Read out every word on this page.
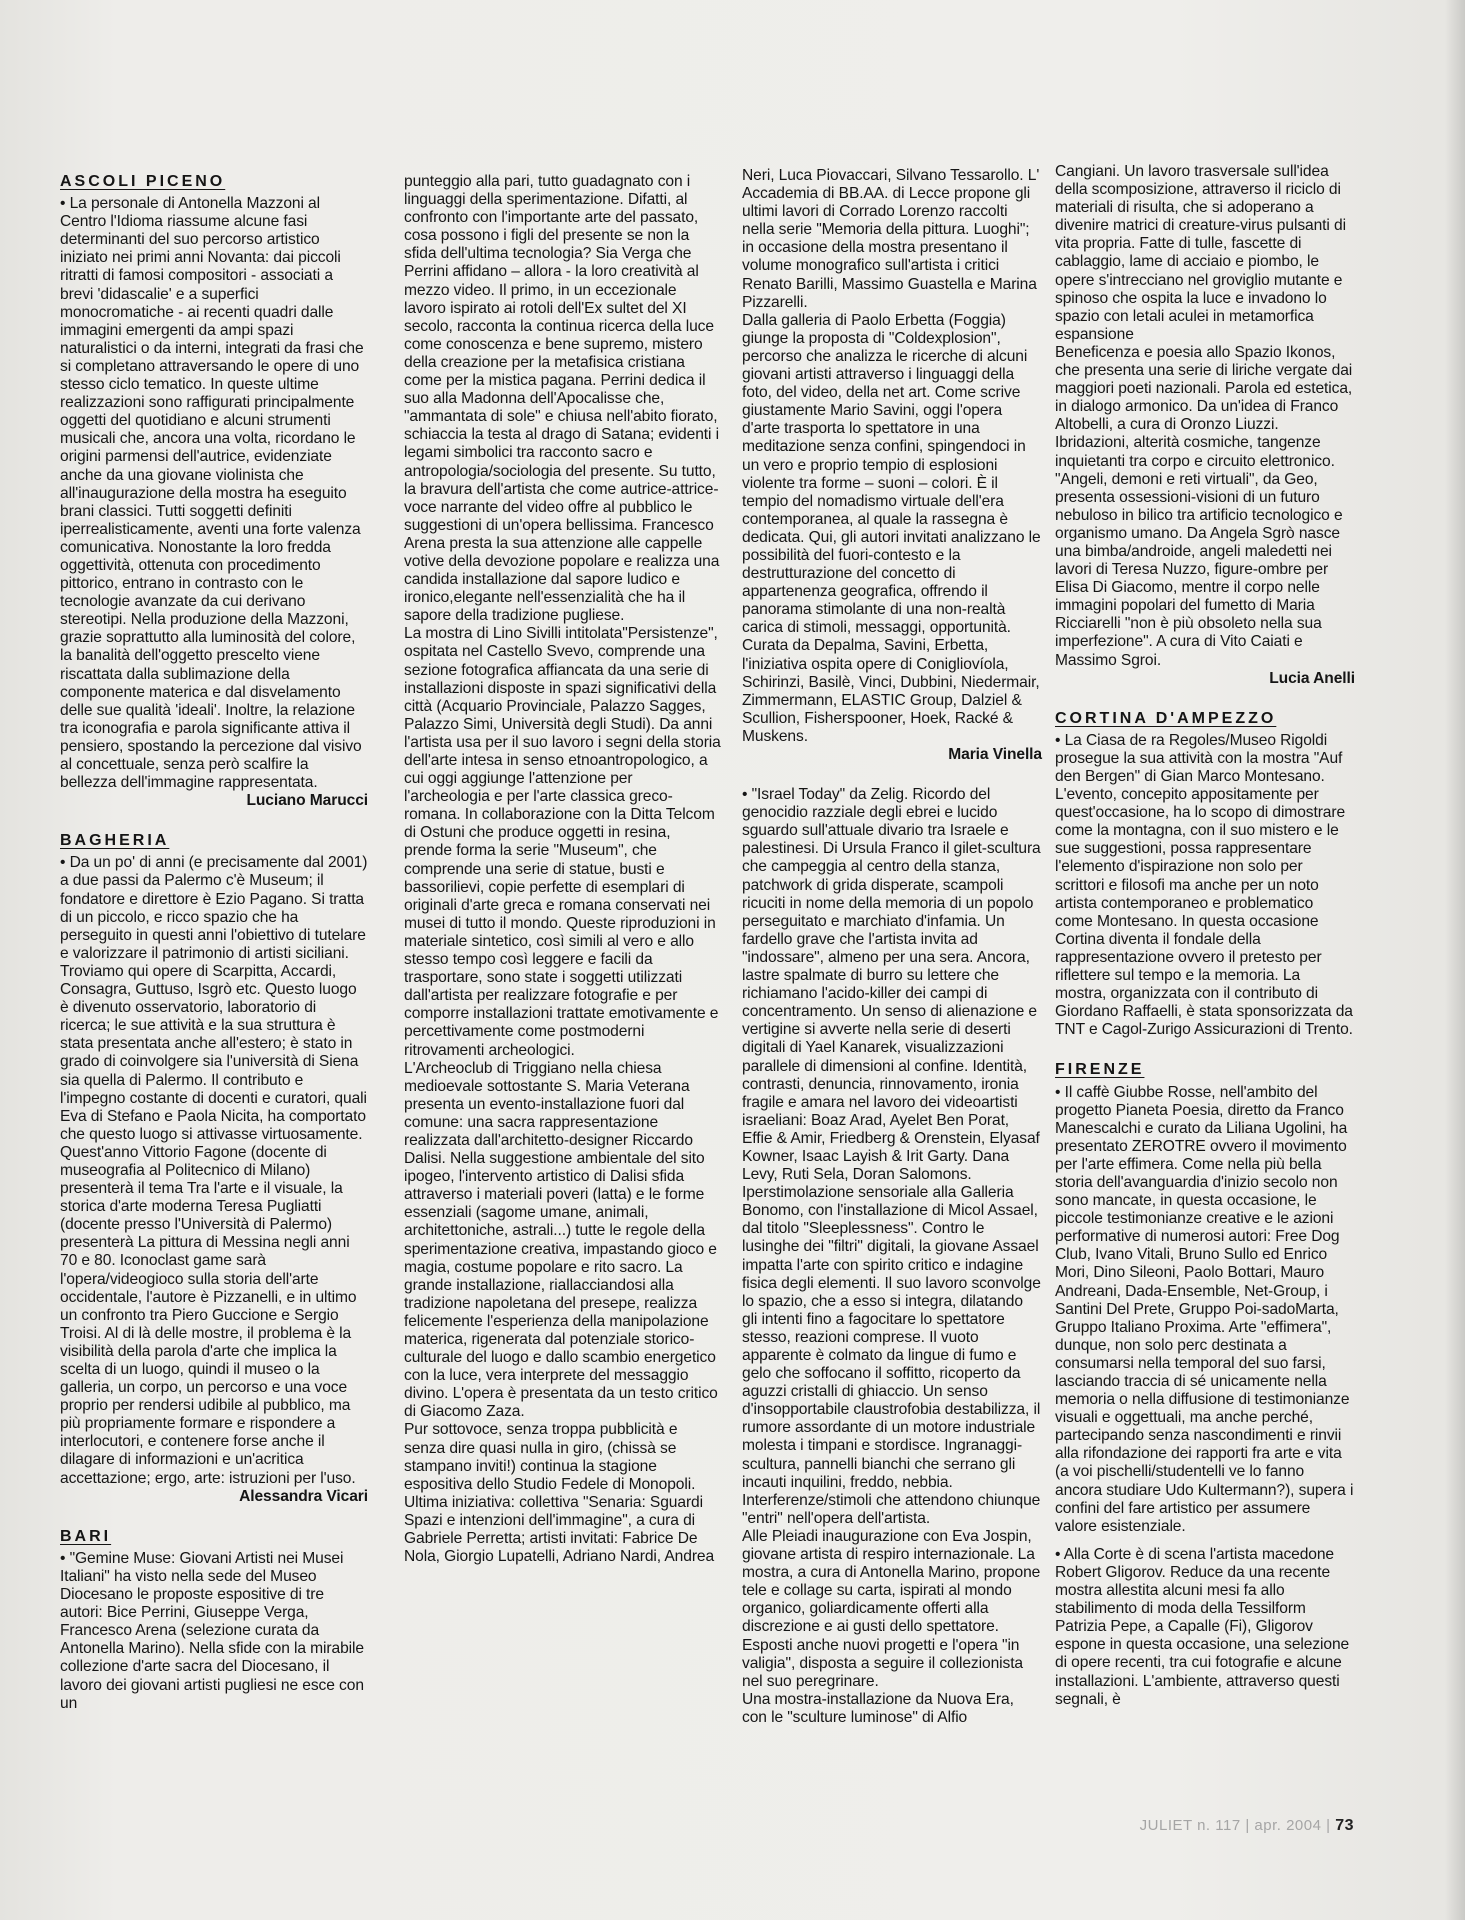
ASCOLI PICENO

• La personale di Antonella Mazzoni al Centro l'Idioma riassume alcune fasi determinanti del suo percorso artistico iniziato nei primi anni Novanta: dai piccoli ritratti di famosi compositori - associati a brevi 'didascalie' e a superfici monocromatiche - ai recenti quadri dalle immagini emergenti da ampi spazi naturalistici o da interni, integrati da frasi che si completano attraversando le opere di uno stesso ciclo tematico. In queste ultime realizzazioni sono raffigurati principalmente oggetti del quotidiano e alcuni strumenti musicali che, ancora una volta, ricordano le origini parmensi dell'autrice, evidenziate anche da una giovane violinista che all'inaugurazione della mostra ha eseguito brani classici. Tutti soggetti definiti iperrealisticamente, aventi una forte valenza comunicativa. Nonostante la loro fredda oggettività, ottenuta con procedimento pittorico, entrano in contrasto con le tecnologie avanzate da cui derivano stereotipi. Nella produzione della Mazzoni, grazie soprattutto alla luminosità del colore, la banalità dell'oggetto prescelto viene riscattata dalla sublimazione della componente materica e dal disvelamento delle sue qualità 'ideali'. Inoltre, la relazione tra iconografia e parola significante attiva il pensiero, spostando la percezione dal visivo al concettuale, senza però scalfire la bellezza dell'immagine rappresentata.

Luciano Marucci
BAGHERIA

• Da un po' di anni (e precisamente dal 2001) a due passi da Palermo c'è Museum; il fondatore e direttore è Ezio Pagano. Si tratta di un piccolo, e ricco spazio che ha perseguito in questi anni l'obiettivo di tutelare e valorizzare il patrimonio di artisti siciliani. Troviamo qui opere di Scarpitta, Accardi, Consagra, Guttuso, Isgrò etc. Questo luogo è divenuto osservatorio, laboratorio di ricerca; le sue attività e la sua struttura è stata presentata anche all'estero; è stato in grado di coinvolgere sia l'università di Siena sia quella di Palermo. Il contributo e l'impegno costante di docenti e curatori, quali Eva di Stefano e Paola Nicita, ha comportato che questo luogo si attivasse virtuosamente. Quest'anno Vittorio Fagone (docente di museografia al Politecnico di Milano) presenterà il tema Tra l'arte e il visuale, la storica d'arte moderna Teresa Pugliatti (docente presso l'Università di Palermo) presenterà La pittura di Messina negli anni 70 e 80. Iconoclast game sarà l'opera/videogioco sulla storia dell'arte occidentale, l'autore è Pizzanelli, e in ultimo un confronto tra Piero Guccione e Sergio Troisi. Al di là delle mostre, il problema è la visibilità della parola d'arte che implica la scelta di un luogo, quindi il museo o la galleria, un corpo, un percorso e una voce proprio per rendersi udibile al pubblico, ma più propriamente formare e rispondere a interlocutori, e contenere forse anche il dilagare di informazioni e un'acritica accettazione; ergo, arte: istruzioni per l'uso.

Alessandra Vicari
BARI

• "Gemine Muse: Giovani Artisti nei Musei Italiani" ha visto nella sede del Museo Diocesano le proposte espositive di tre autori: Bice Perrini, Giuseppe Verga, Francesco Arena (selezione curata da Antonella Marino). Nella sfide con la mirabile collezione d'arte sacra del Diocesano, il lavoro dei giovani artisti pugliesi ne esce con un

punteggio alla pari, tutto guadagnato con i linguaggi della sperimentazione. Difatti, al confronto con l'importante arte del passato, cosa possono i figli del presente se non la sfida dell'ultima tecnologia? Sia Verga che Perrini affidano – allora - la loro creatività al mezzo video. Il primo, in un eccezionale lavoro ispirato ai rotoli dell'Ex sultet del XI secolo, racconta la continua ricerca della luce come conoscenza e bene supremo, mistero della creazione per la metafisica cristiana come per la mistica pagana. Perrini dedica il suo alla Madonna dell'Apocalisse che, "ammantata di sole" e chiusa nell'abito fiorato, schiaccia la testa al drago di Satana; evidenti i legami simbolici tra racconto sacro e antropologia/sociologia del presente. Su tutto, la bravura dell'artista che come autrice-attrice-voce narrante del video offre al pubblico le suggestioni di un'opera bellissima. Francesco Arena presta la sua attenzione alle cappelle votive della devozione popolare e realizza una candida installazione dal sapore ludico e ironico,elegante nell'essenzialità che ha il sapore della tradizione pugliese.

La mostra di Lino Sivilli intitolata"Persistenze", ospitata nel Castello Svevo, comprende una sezione fotografica affiancata da una serie di installazioni disposte in spazi significativi della città (Acquario Provinciale, Palazzo Sagges, Palazzo Simi, Università degli Studi). Da anni l'artista usa per il suo lavoro i segni della storia dell'arte intesa in senso etnoantropologico, a cui oggi aggiunge l'attenzione per l'archeologia e per l'arte classica greco-romana. In collaborazione con la Ditta Telcom di Ostuni che produce oggetti in resina, prende forma la serie "Museum", che comprende una serie di statue, busti e bassorilievi, copie perfette di esemplari di originali d'arte greca e romana conservati nei musei di tutto il mondo. Queste riproduzioni in materiale sintetico, così simili al vero e allo stesso tempo così leggere e facili da trasportare, sono state i soggetti utilizzati dall'artista per realizzare fotografie e per comporre installazioni trattate emotivamente e percettivamente come postmoderni ritrovamenti archeologici.

L'Archeoclub di Triggiano nella chiesa medioevale sottostante S. Maria Veterana presenta un evento-installazione fuori dal comune: una sacra rappresentazione realizzata dall'architetto-designer Riccardo Dalisi. Nella suggestione ambientale del sito ipogeo, l'intervento artistico di Dalisi sfida attraverso i materiali poveri (latta) e le forme essenziali (sagome umane, animali, architettoniche, astrali...) tutte le regole della sperimentazione creativa, impastando gioco e magia, costume popolare e rito sacro. La grande installazione, riallacciandosi alla tradizione napoletana del presepe, realizza felicemente l'esperienza della manipolazione materica, rigenerata dal potenziale storico-culturale del luogo e dallo scambio energetico con la luce, vera interprete del messaggio divino. L'opera è presentata da un testo critico di Giacomo Zaza.

Pur sottovoce, senza troppa pubblicità e senza dire quasi nulla in giro, (chissà se stampano inviti!) continua la stagione espositiva dello Studio Fedele di Monopoli. Ultima iniziativa: collettiva "Senaria: Sguardi Spazi e intenzioni dell'immagine", a cura di Gabriele Perretta; artisti invitati: Fabrice De Nola, Giorgio Lupatelli, Adriano Nardi, Andrea

Neri, Luca Piovaccari, Silvano Tessarollo. L' Accademia di BB.AA. di Lecce propone gli ultimi lavori di Corrado Lorenzo raccolti nella serie "Memoria della pittura. Luoghi"; in occasione della mostra presentano il volume monografico sull'artista i critici Renato Barilli, Massimo Guastella e Marina Pizzarelli.

Dalla galleria di Paolo Erbetta (Foggia) giunge la proposta di "Coldexplosion", percorso che analizza le ricerche di alcuni giovani artisti attraverso i linguaggi della foto, del video, della net art. Come scrive giustamente Mario Savini, oggi l'opera d'arte trasporta lo spettatore in una meditazione senza confini, spingendoci in un vero e proprio tempio di esplosioni violente tra forme – suoni – colori. È il tempio del nomadismo virtuale dell'era contemporanea, al quale la rassegna è dedicata. Qui, gli autori invitati analizzano le possibilità del fuori-contesto e la destrutturazione del concetto di appartenenza geografica, offrendo il panorama stimolante di una non-realtà carica di stimoli, messaggi, opportunità. Curata da Depalma, Savini, Erbetta, l'iniziativa ospita opere di Conigliovíola, Schirinzi, Basilè, Vinci, Dubbini, Niedermair, Zimmermann, ELASTIC Group, Dalziel & Scullion, Fisherspooner, Hoek, Racké & Muskens.

Maria Vinella

• "Israel Today" da Zelig. Ricordo del genocidio razziale degli ebrei e lucido sguardo sull'attuale divario tra Israele e palestinesi. Di Ursula Franco il gilet-scultura che campeggia al centro della stanza, patchwork di grida disperate, scampoli ricuciti in nome della memoria di un popolo perseguitato e marchiato d'infamia. Un fardello grave che l'artista invita ad "indossare", almeno per una sera. Ancora, lastre spalmate di burro su lettere che richiamano l'acido-killer dei campi di concentramento. Un senso di alienazione e vertigine si avverte nella serie di deserti digitali di Yael Kanarek, visualizzazioni parallele di dimensioni al confine. Identità, contrasti, denuncia, rinnovamento, ironia fragile e amara nel lavoro dei videoartisti israeliani: Boaz Arad, Ayelet Ben Porat, Effie & Amir, Friedberg & Orenstein, Elyasaf Kowner, Isaac Layish & Irit Garty. Dana Levy, Ruti Sela, Doran Salomons.

Iperstimolazione sensoriale alla Galleria Bonomo, con l'installazione di Micol Assael, dal titolo "Sleeplessness". Contro le lusinghe dei "filtri" digitali, la giovane Assael impatta l'arte con spirito critico e indagine fisica degli elementi. Il suo lavoro sconvolge lo spazio, che a esso si integra, dilatando gli intenti fino a fagocitare lo spettatore stesso, reazioni comprese. Il vuoto apparente è colmato da lingue di fumo e gelo che soffocano il soffitto, ricoperto da aguzzi cristalli di ghiaccio. Un senso d'insopportabile claustrofobia destabilizza, il rumore assordante di un motore industriale molesta i timpani e stordisce. Ingranaggi-scultura, pannelli bianchi che serrano gli incauti inquilini, freddo, nebbia. Interferenze/stimoli che attendono chiunque "entri" nell'opera dell'artista.

Alle Pleiadi inaugurazione con Eva Jospin, giovane artista di respiro internazionale. La mostra, a cura di Antonella Marino, propone tele e collage su carta, ispirati al mondo organico, goliardicamente offerti alla discrezione e ai gusti dello spettatore. Esposti anche nuovi progetti e l'opera "in valigia", disposta a seguire il collezionista nel suo peregrinare.

Una mostra-installazione da Nuova Era, con le "sculture luminose" di Alfio

Cangiani. Un lavoro trasversale sull'idea della scomposizione, attraverso il riciclo di materiali di risulta, che si adoperano a divenire matrici di creature-virus pulsanti di vita propria. Fatte di tulle, fascette di cablaggio, lame di acciaio e piombo, le opere s'intrecciano nel groviglio mutante e spinoso che ospita la luce e invadono lo spazio con letali aculei in metamorfica espansione

Beneficenza e poesia allo Spazio Ikonos, che presenta una serie di liriche vergate dai maggiori poeti nazionali. Parola ed estetica, in dialogo armonico. Da un'idea di Franco Altobelli, a cura di Oronzo Liuzzi.

Ibridazioni, alterità cosmiche, tangenze inquietanti tra corpo e circuito elettronico. "Angeli, demoni e reti virtuali", da Geo, presenta ossessioni-visioni di un futuro nebuloso in bilico tra artificio tecnologico e organismo umano. Da Angela Sgrò nasce una bimba/androide, angeli maledetti nei lavori di Teresa Nuzzo, figure-ombre per Elisa Di Giacomo, mentre il corpo nelle immagini popolari del fumetto di Maria Ricciarelli "non è più obsoleto nella sua imperfezione". A cura di Vito Caiati e Massimo Sgroi.

Lucia Anelli
CORTINA D'AMPEZZO

• La Ciasa de ra Regoles/Museo Rigoldi prosegue la sua attività con la mostra "Auf den Bergen" di Gian Marco Montesano. L'evento, concepito appositamente per quest'occasione, ha lo scopo di dimostrare come la montagna, con il suo mistero e le sue suggestioni, possa rappresentare l'elemento d'ispirazione non solo per scrittori e filosofi ma anche per un noto artista contemporaneo e problematico come Montesano. In questa occasione Cortina diventa il fondale della rappresentazione ovvero il pretesto per riflettere sul tempo e la memoria. La mostra, organizzata con il contributo di Giordano Raffaelli, è stata sponsorizzata da TNT e Cagol-Zurigo Assicurazioni di Trento.

FIRENZE

• Il caffè Giubbe Rosse, nell'ambito del progetto Pianeta Poesia, diretto da Franco Manescalchi e curato da Liliana Ugolini, ha presentato ZEROTRE ovvero il movimento per l'arte effimera. Come nella più bella storia dell'avanguardia d'inizio secolo non sono mancate, in questa occasione, le piccole testimonianze creative e le azioni performative di numerosi autori: Free Dog Club, Ivano Vitali, Bruno Sullo ed Enrico Mori, Dino Sileoni, Paolo Bottari, Mauro Andreani, Dada-Ensemble, Net-Group, i Santini Del Prete, Gruppo Poi-sadoMarta, Gruppo Italiano Proxima. Arte "effimera", dunque, non solo perc destinata a consumarsi nella temporal del suo farsi, lasciando traccia di sé unicamente nella memoria o nella diffusione di testimonianze visuali e oggettuali, ma anche perché, partecipando senza nascondimenti e rinvii alla rifondazione dei rapporti fra arte e vita (a voi pischelli/studentelli ve lo fanno ancora studiare Udo Kultermann?), supera i confini del fare artistico per assumere valore esistenziale.

• Alla Corte è di scena l'artista macedone Robert Gligorov. Reduce da una recente mostra allestita alcuni mesi fa allo stabilimento di moda della Tessilform Patrizia Pepe, a Capalle (Fi), Gligorov espone in questa occasione, una selezione di opere recenti, tra cui fotografie e alcune installazioni. L'ambiente, attraverso questi segnali, è

JULIET n. 117 | apr. 2004 | 73
